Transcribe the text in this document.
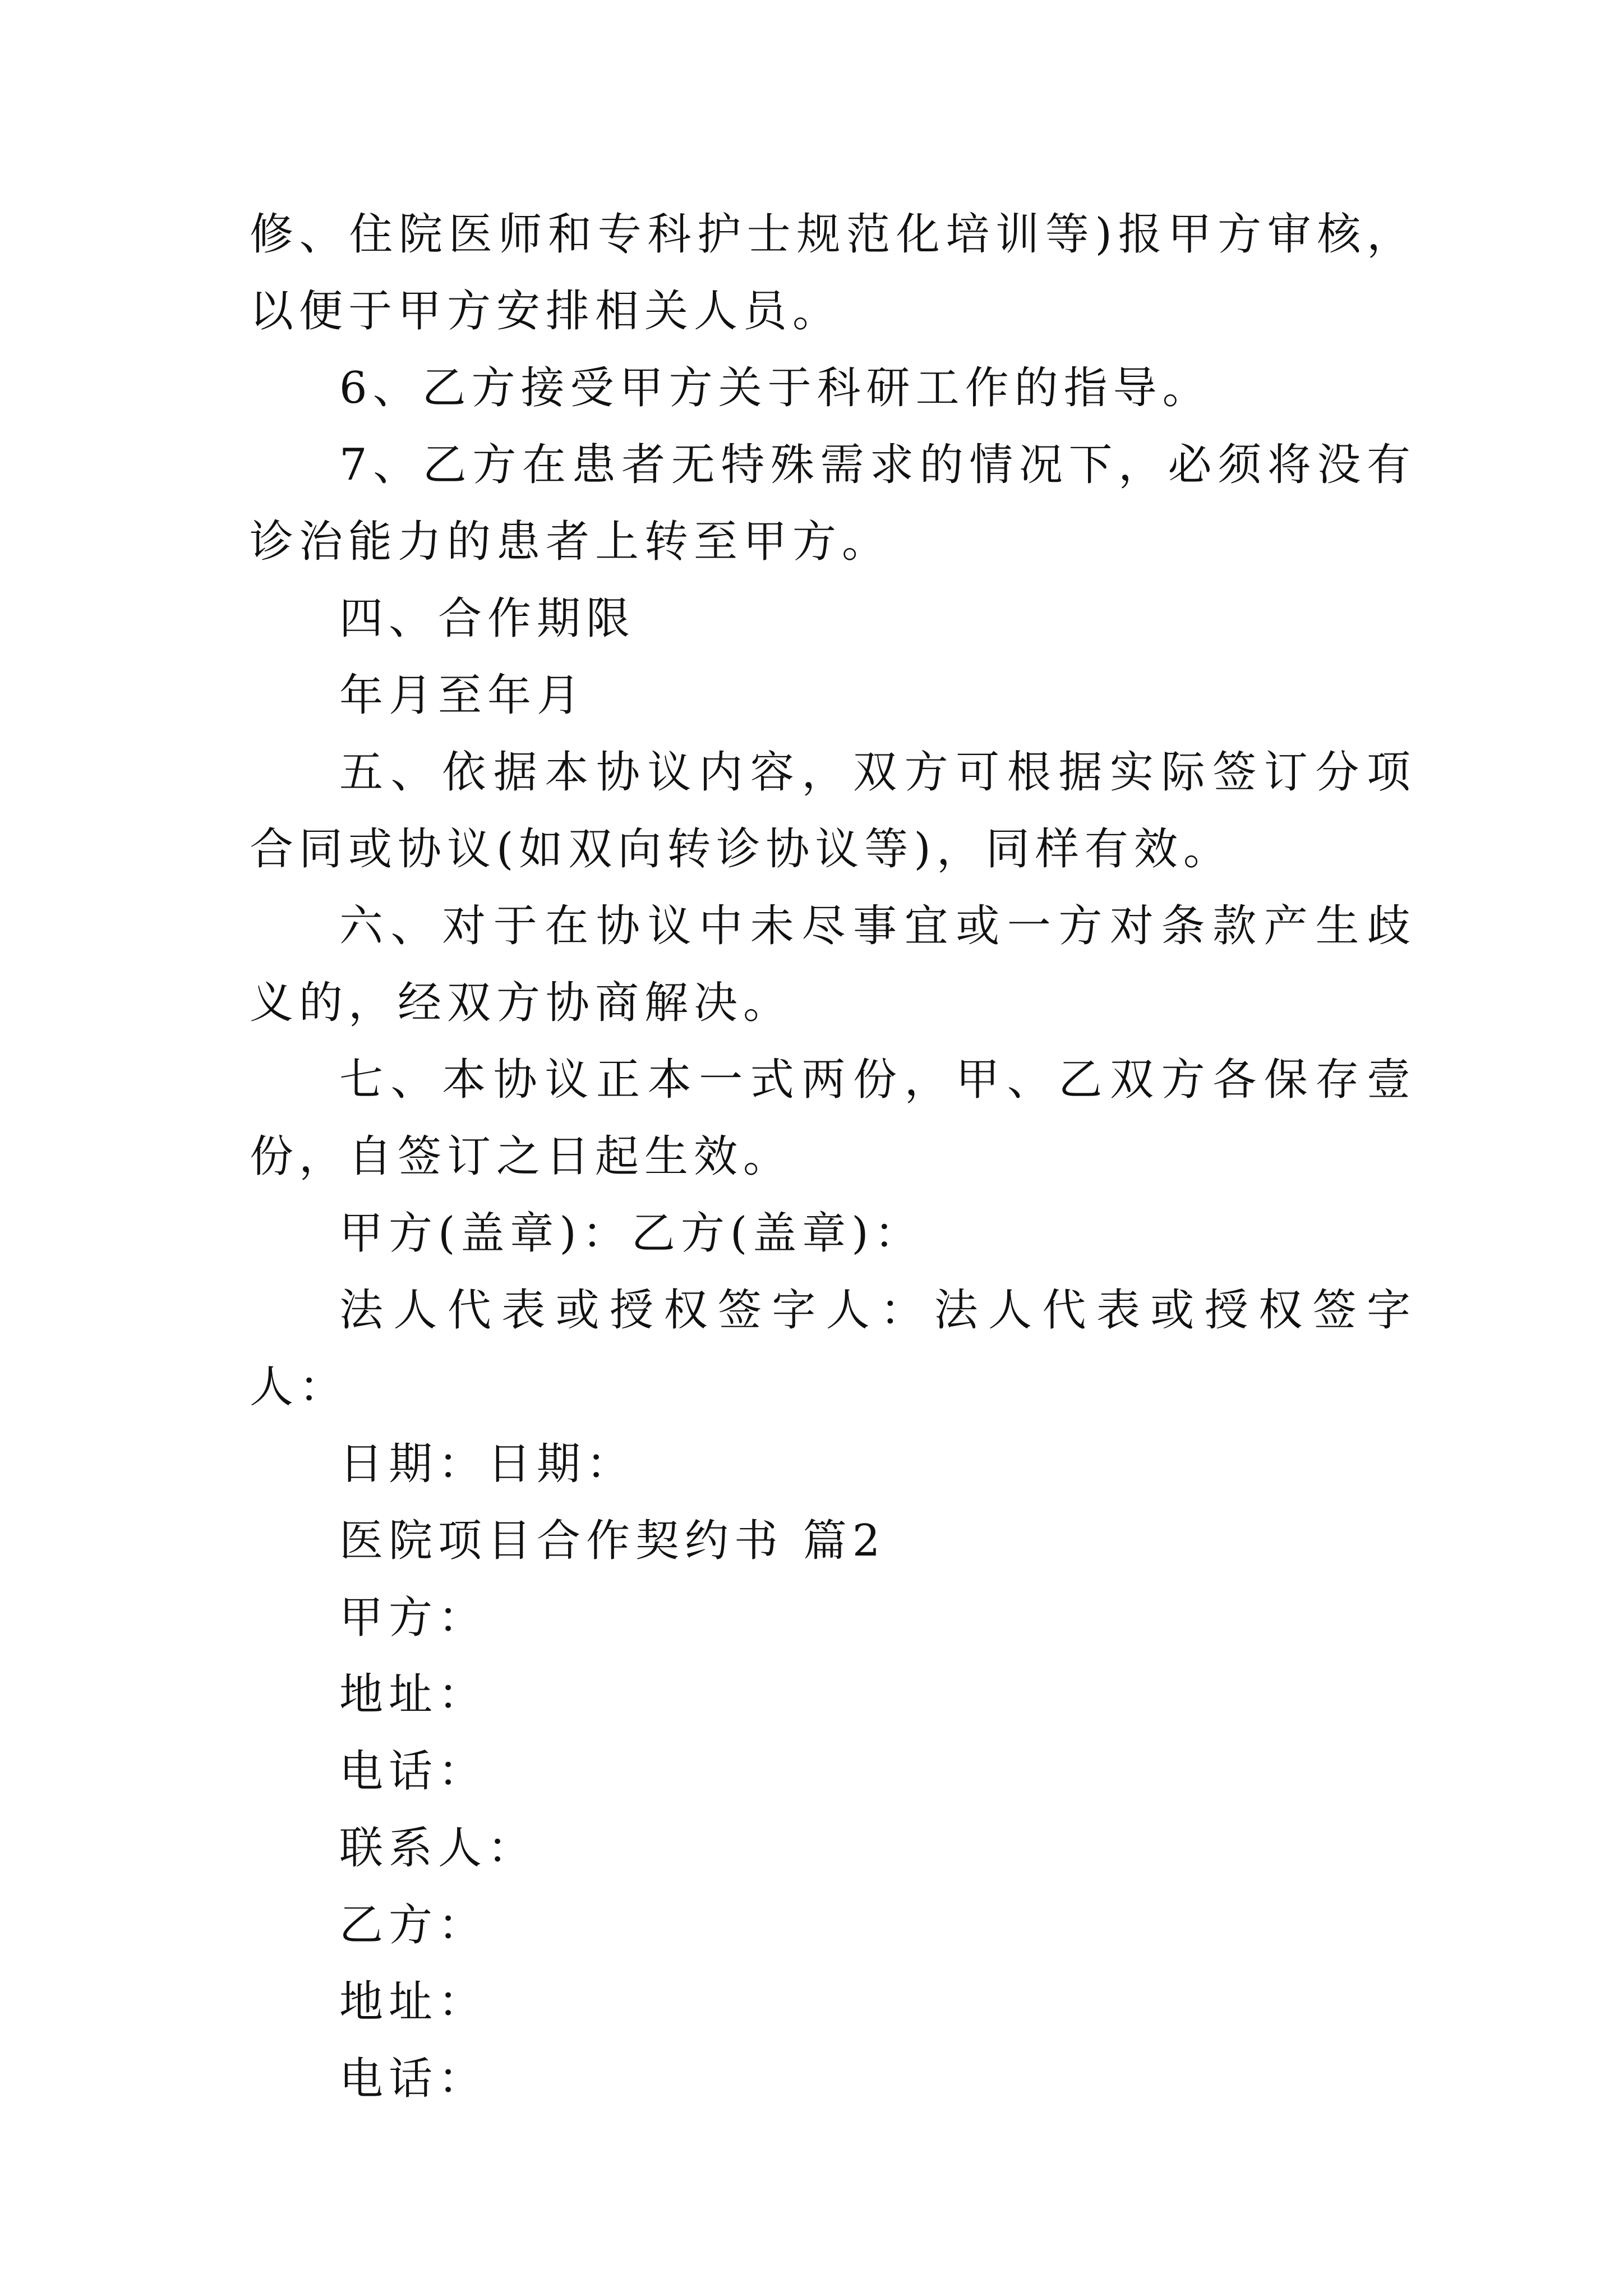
修、住院医师和专科护士规范化培训等)报甲方审核，以便于甲方安排相关人员。

6、乙方接受甲方关于科研工作的指导。

7、乙方在患者无特殊需求的情况下，必须将没有诊治能力的患者上转至甲方。

四、合作期限

年月至年月

五、依据本协议内容，双方可根据实际签订分项合同或协议(如双向转诊协议等)，同样有效。

六、对于在协议中未尽事宜或一方对条款产生歧义的，经双方协商解决。

七、本协议正本一式两份，甲、乙双方各保存壹份，自签订之日起生效。

甲方(盖章)：乙方(盖章)：

法人代表或授权签字人：法人代表或授权签字人：

日期：日期：

医院项目合作契约书 篇2

甲方：

地址：

电话：

联系人：

乙方：

地址：

电话：
